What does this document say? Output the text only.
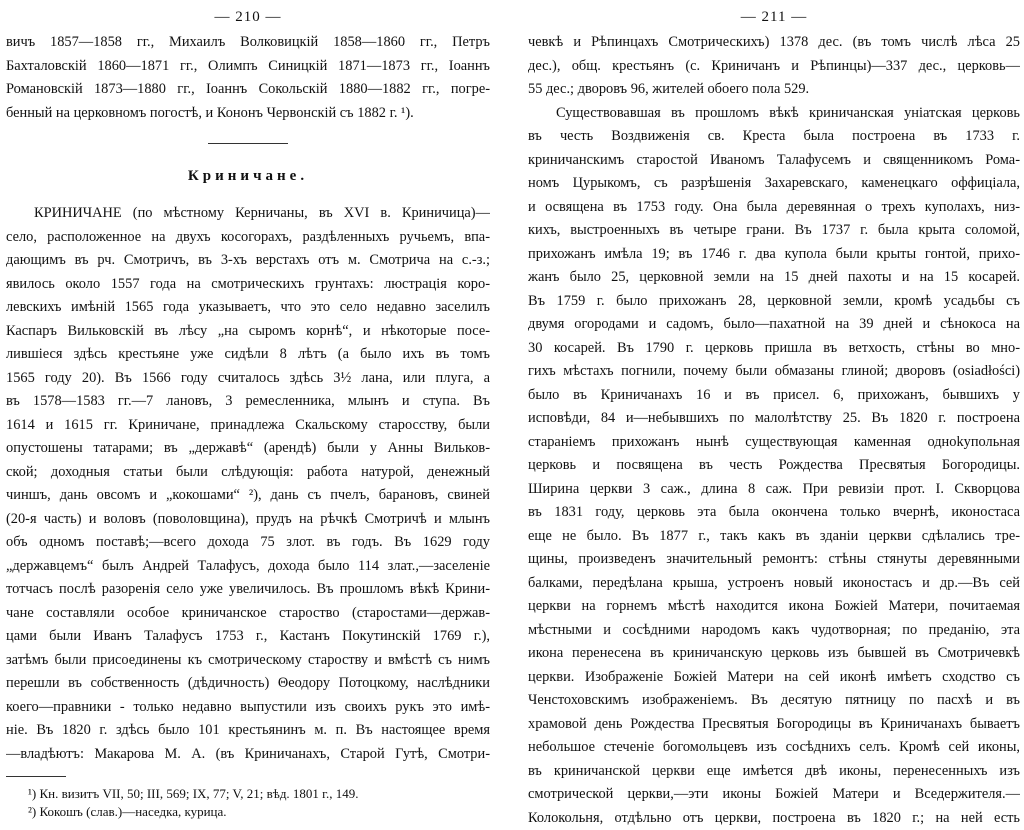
— 210 —
вичъ 1857—1858 гг., Михаилъ Волковицкій 1858—1860 гг., Петръ
Бахталовскій 1860—1871 гг., Олимпъ Синицкій 1871—1873 гг., Іоаннъ
Романовскій 1873—1880 гг., Іоаннъ Сокольскій 1880—1882 гг., погре-
бенный на церковномъ погостѣ, и Кононъ Червонскій съ 1882 г. ¹).
Криничане.
КРИНИЧАНЕ (по мѣстному Керничаны, въ XVI в. Криничица)—
село, расположенное на двухъ косогорахъ, раздѣленныхъ ручьемъ, впа-
дающимъ въ рч. Смотричъ, въ 3-хъ верстахъ отъ м. Смотрича на с.-з.;
явилось около 1557 года на смотрическихъ грунтахъ: люстрація коро-
левскихъ имѣній 1565 года указываетъ, что это село недавно заселилъ
Каспаръ Вильковскій въ лѣсу „на сыромъ корнѣ“, и нѣкоторые посе-
лившіеся здѣсь крестьяне уже сидѣли 8 лѣтъ (а было ихъ въ томъ
1565 году 20). Въ 1566 году считалось здѣсь 3½ лана, или плуга, а
въ 1578—1583 гг.—7 лановъ, 3 ремесленника, млынъ и ступа. Въ
1614 и 1615 гг. Криничане, принадлежа Скальскому старосству, были
опустошены татарами; въ „державѣ“ (арендѣ) были у Анны Вильков-
ской; доходныя статьи были слѣдующія: работа натурой, денежный
чиншъ, дань овсомъ и „кокошами“ ²), дань съ пчелъ, барановъ, свиней
(20-я часть) и воловъ (поволовщина), прудъ на рѣчкѣ Смотричѣ и млынъ
объ одномъ поставѣ;—всего дохода 75 злот. въ годъ. Въ 1629 году
„державцемъ“ былъ Андрей Талафусъ, дохода было 114 злат.,—заселеніе
тотчасъ послѣ разоренія село уже увеличилось. Въ прошломъ вѣкѣ Крини-
чане составляли особое криничанское староство (старостами—держав-
цами были Иванъ Талафусъ 1753 г., Кастанъ Покутинскій 1769 г.),
затѣмъ были присоединены къ смотрическому староству и вмѣстѣ съ нимъ
перешли въ собственность (дѣдичность) Θеодору Потоцкому, наслѣдники
коего—правники - только недавно выпустили изъ своихъ рукъ это имѣ-
ніе. Въ 1820 г. здѣсь было 101 крестьянинъ м. п. Въ настоящее время
—владѣютъ: Макарова М. А. (въ Криничанахъ, Старой Гутѣ, Смотри-
¹) Кн. визитъ VII, 50; III, 569; IX, 77; V, 21; вѣд. 1801 г., 149.
²) Кокошъ (слав.)—наседка, курица.
— 211 —
чевкѣ и Рѣпинцахъ Смотрическихъ) 1378 дес. (въ томъ числѣ лѣса 25
дес.), общ. крестьянъ (с. Криничанъ и Рѣпинцы)—337 дес., церковь—
55 дес.; дворовъ 96, жителей обоего пола 529.
Существовавшая въ прошломъ вѣкѣ криничанская уніатская церковь
въ честь Воздвиженія св. Креста была построена въ 1733 г.
криничанскимъ старостой Иваномъ Талафусемъ и священникомъ Рома-
номъ Цурыкомъ, съ разрѣшенія Захаревскаго, каменецкаго оффиціала,
и освящена въ 1753 году. Она была деревянная о трехъ куполахъ, низ-
кихъ, выстроенныхъ въ четыре грани. Въ 1737 г. была крыта соломой,
прихожанъ имѣла 19; въ 1746 г. два купола были крыты гонтой, прихо-
жанъ было 25, церковной земли на 15 дней пахоты и на 15 косарей.
Въ 1759 г. было прихожанъ 28, церковной земли, кромѣ усадьбы съ
двумя огородами и садомъ, было—пахатной на 39 дней и сѣнокоса на
30 косарей. Въ 1790 г. церковь пришла въ ветхость, стѣны во мно-
гихъ мѣстахъ погнили, почему были обмазаны глиной; дворовъ (osiadłości)
было въ Криничанахъ 16 и въ присел. 6, прихожанъ, бывшихъ у
исповѣди, 84 и—небывшихъ по малолѣтству 25. Въ 1820 г. построена
стараніемъ прихожанъ нынѣ существующая каменная одноkупольная
церковь и посвящена въ честь Рождества Пресвятыя Богородицы.
Ширина церкви 3 саж., длина 8 саж. При ревизіи прот. І. Скворцова
въ 1831 году, церковь эта была окончена только вчернѣ, иконостаса
еще не было. Въ 1877 г., такъ какъ въ зданіи церкви сдѣлались тре-
щины, произведенъ значительный ремонтъ: стѣны стянуты деревянными
балками, передѣлана крыша, устроенъ новый иконостасъ и др.—Въ сей
церкви на горнемъ мѣстѣ находится икона Божіей Матери, почитаемая
мѣстными и сосѣдними народомъ какъ чудотворная; по преданію, эта
икона перенесена въ криничанскую церковь изъ бывшей въ Смотричевкѣ
церкви. Изображеніе Божіей Матери на сей иконѣ имѣетъ сходство съ
Ченстоховскимъ изображеніемъ. Въ десятую пятницу по пасхѣ и въ
храмовой день Рождества Пресвятыя Богородицы въ Криничанахъ бываетъ
небольшое стеченіе богомольцевъ изъ сосѣднихъ селъ. Кромѣ сей иконы,
въ криничанской церкви еще имѣется двѣ иконы, перенесенныхъ изъ
смотрической церкви,—эти иконы Божіей Матери и Вседержителя.—
Колокольня, отдѣльно отъ церкви, построена въ 1820 г.; на ней есть
